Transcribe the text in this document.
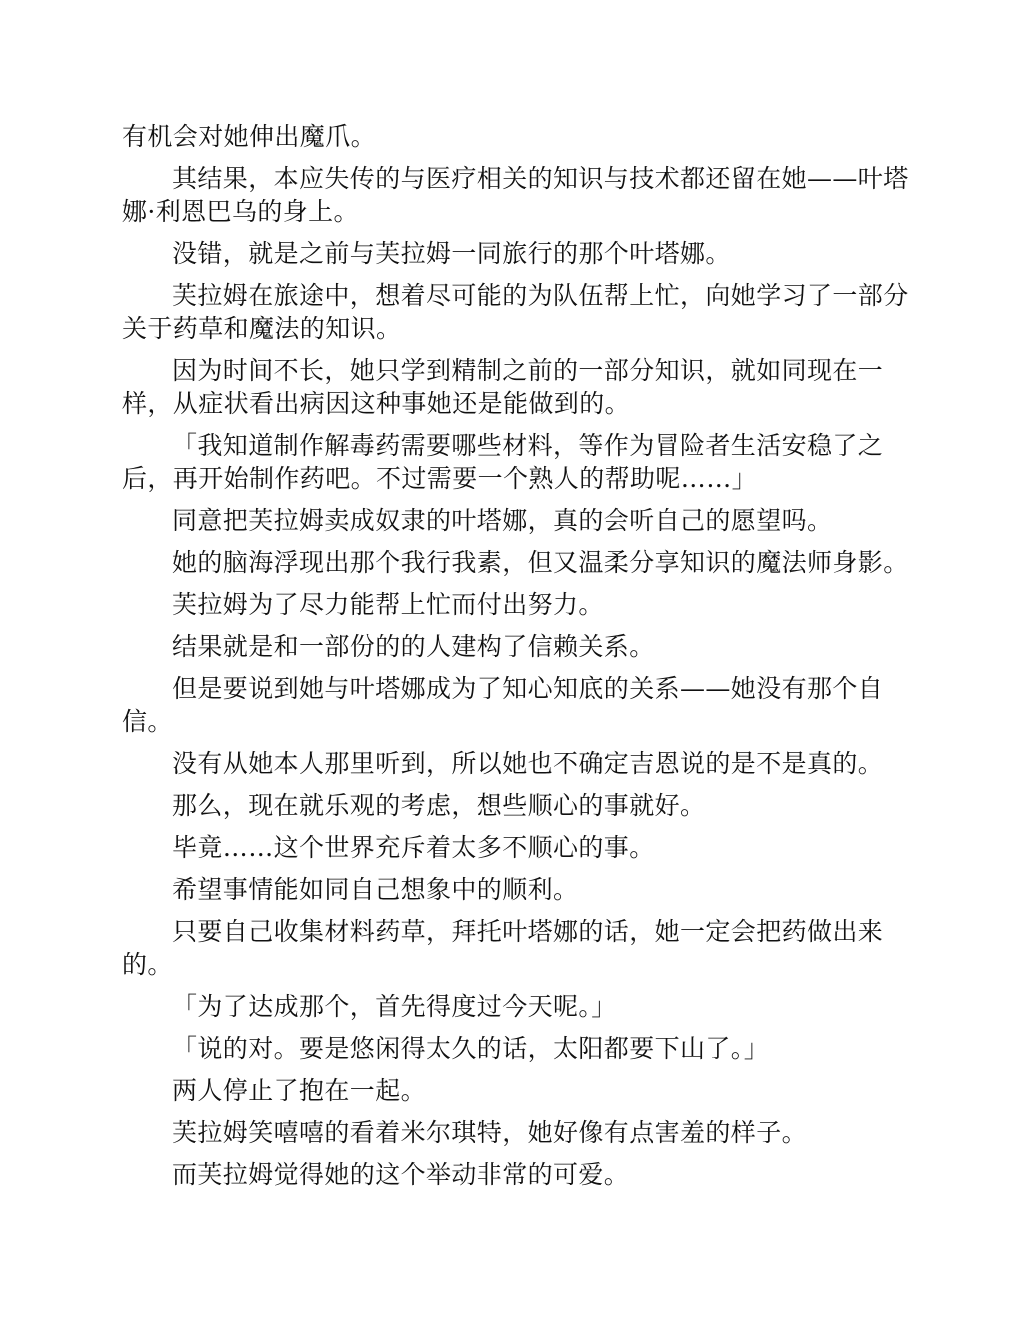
有机会对她伸出魔爪。
其结果，本应失传的与医疗相关的知识与技术都还留在她——叶塔
娜·利恩巴乌的身上。
没错，就是之前与芙拉姆一同旅行的那个叶塔娜。
芙拉姆在旅途中，想着尽可能的为队伍帮上忙，向她学习了一部分
关于药草和魔法的知识。
因为时间不长，她只学到精制之前的一部分知识，就如同现在一
样，从症状看出病因这种事她还是能做到的。
「我知道制作解毒药需要哪些材料，等作为冒险者生活安稳了之
后，再开始制作药吧。不过需要一个熟人的帮助呢……」
同意把芙拉姆卖成奴隶的叶塔娜，真的会听自己的愿望吗。
她的脑海浮现出那个我行我素，但又温柔分享知识的魔法师身影。
芙拉姆为了尽力能帮上忙而付出努力。
结果就是和一部份的的人建构了信赖关系。
但是要说到她与叶塔娜成为了知心知底的关系——她没有那个自
信。
没有从她本人那里听到，所以她也不确定吉恩说的是不是真的。
那么，现在就乐观的考虑，想些顺心的事就好。
毕竟……这个世界充斥着太多不顺心的事。
希望事情能如同自己想象中的顺利。
只要自己收集材料药草，拜托叶塔娜的话，她一定会把药做出来
的。
「为了达成那个，首先得度过今天呢。」
「说的对。要是悠闲得太久的话，太阳都要下山了。」
两人停止了抱在一起。
芙拉姆笑嘻嘻的看着米尔琪特，她好像有点害羞的样子。
而芙拉姆觉得她的这个举动非常的可爱。
